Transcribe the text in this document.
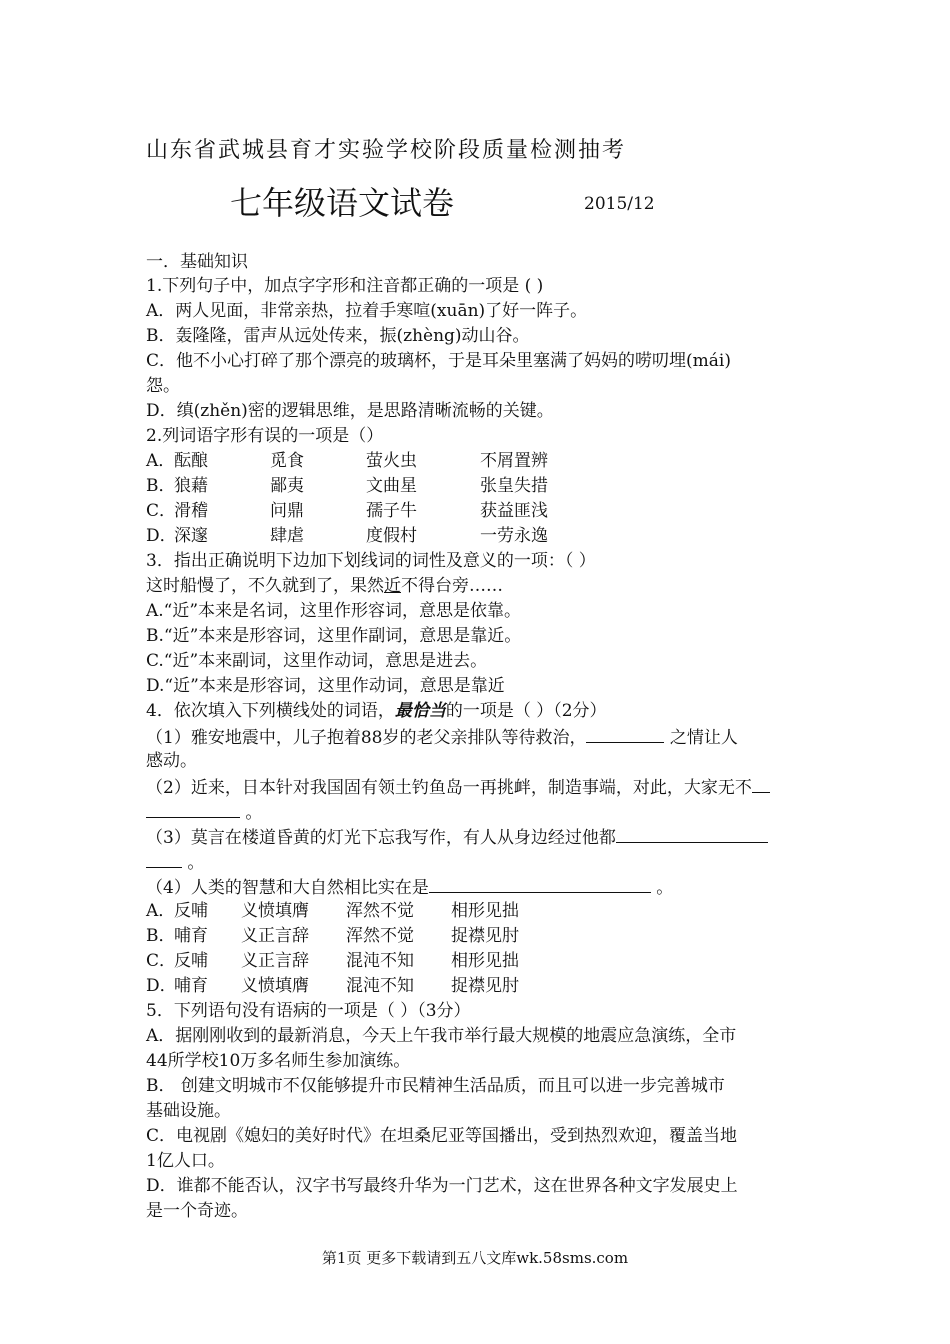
山东省武城县育才实验学校阶段质量检测抽考
七年级语文试卷	2015/12
一．基础知识
1.下列句子中，加点字字形和注音都正确的一项是 ( )
A．两人见面，非常亲热，拉着手寒喧(xuān)了好一阵子。
B．轰隆隆，雷声从远处传来，振(zhèng)动山谷。
C．他不小心打碎了那个漂亮的玻璃杯，于是耳朵里塞满了妈妈的唠叨埋(mái)
怨。
D．缜(zhěn)密的逻辑思维，是思路清晰流畅的关键。
2.列词语字形有误的一项是（）
A．
酝酿	觅食	萤火虫	不屑置辨
B．
狼藉	鄙夷	文曲星	张皇失措
C．
滑稽	问鼎	孺子牛	获益匪浅
D．
深邃	肆虐	度假村	一劳永逸
3．指出正确说明下边加下划线词的词性及意义的一项：（ ）
这时船慢了，不久就到了，果然近不得台旁……
A.“近”本来是名词，这里作形容词，意思是依靠。
B.“近”本来是形容词，这里作副词，意思是靠近。
C.“近”本来副词，这里作动词，意思是进去。
D.“近”本来是形容词，这里作动词，意思是靠近
4．依次填入下列横线处的词语，最恰当的一项是（ ）（2分）
（1）雅安地震中，儿子抱着88岁的老父亲排队等待救治，	之情让人
感动。
（2）近来，日本针对我国固有领土钓鱼岛一再挑衅，制造事端，对此，大家无不
。
（3）莫言在楼道昏黄的灯光下忘我写作，有人从身边经过他都
。
（4）人类的智慧和大自然相比实在是	。
A．
反哺 义愤填膺 浑然不觉 相形见拙
B．
哺育 义正言辞 浑然不觉 捉襟见肘
C．
反哺 义正言辞 混沌不知 相形见拙
D．
哺育 义愤填膺 混沌不知 捉襟见肘
5．下列语句没有语病的一项是（ ）（3分）
A．据刚刚收到的最新消息，今天上午我市举行最大规模的地震应急演练，全市
44所学校10万多名师生参加演练。
B． 创建文明城市不仅能够提升市民精神生活品质，而且可以进一步完善城市
基础设施。
C．电视剧《媳妇的美好时代》在坦桑尼亚等国播出，受到热烈欢迎，覆盖当地
1亿人口。
D．谁都不能否认，汉字书写最终升华为一门艺术，这在世界各种文字发展史上
是一个奇迹。
第1页 更多下载请到五八文库wk.58sms.com
